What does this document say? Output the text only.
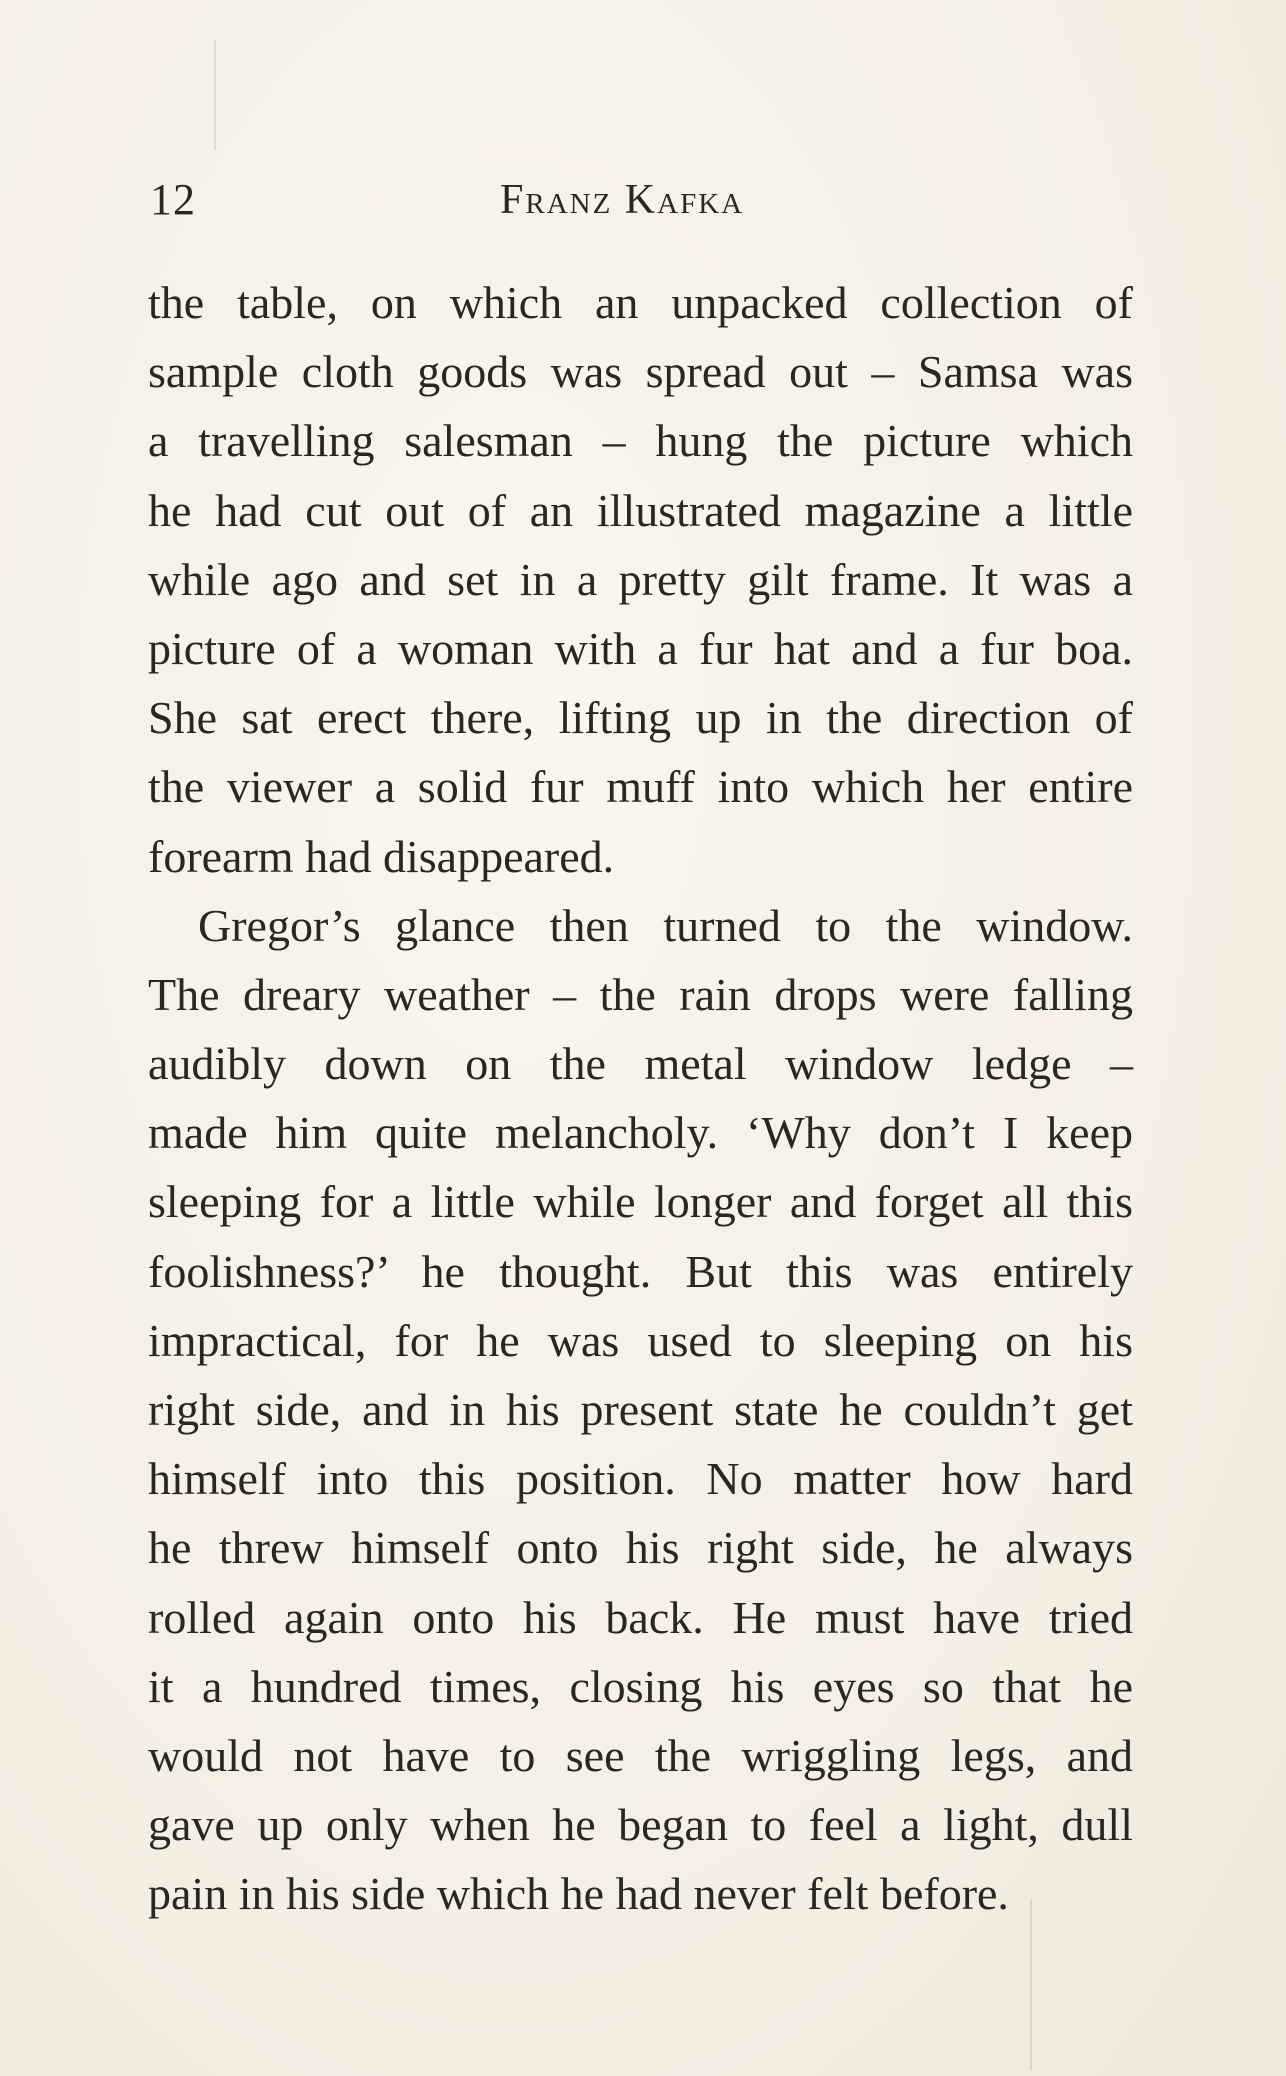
12	Franz Kafka
the table, on which an unpacked collection of
sample cloth goods was spread out – Samsa was
a travelling salesman – hung the picture which
he had cut out of an illustrated magazine a little
while ago and set in a pretty gilt frame. It was a
picture of a woman with a fur hat and a fur boa.
She sat erect there, lifting up in the direction of
the viewer a solid fur muff into which her entire
forearm had disappeared.
Gregor’s glance then turned to the window.
The dreary weather – the rain drops were falling
audibly down on the metal window ledge –
made him quite melancholy. ‘Why don’t I keep
sleeping for a little while longer and forget all this
foolishness?’ he thought. But this was entirely
impractical, for he was used to sleeping on his
right side, and in his present state he couldn’t get
himself into this position. No matter how hard
he threw himself onto his right side, he always
rolled again onto his back. He must have tried
it a hundred times, closing his eyes so that he
would not have to see the wriggling legs, and
gave up only when he began to feel a light, dull
pain in his side which he had never felt before.
